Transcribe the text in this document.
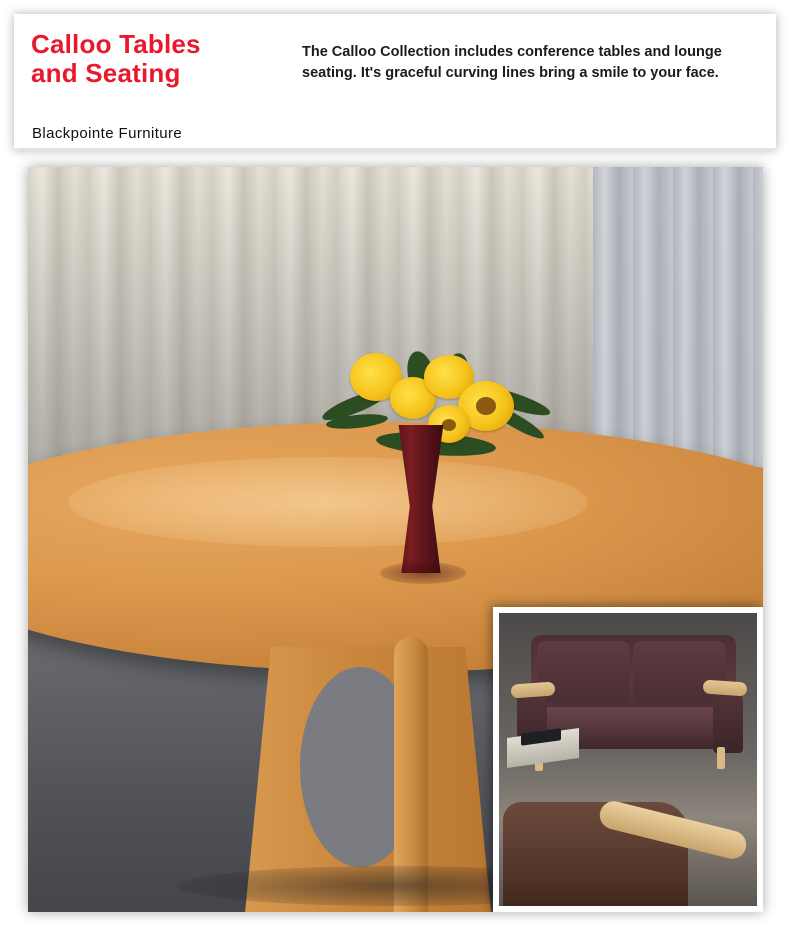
Calloo Tables
and Seating
Blackpointe Furniture
The Calloo Collection includes conference tables and lounge seating. It's graceful curving lines bring a smile to your face.
